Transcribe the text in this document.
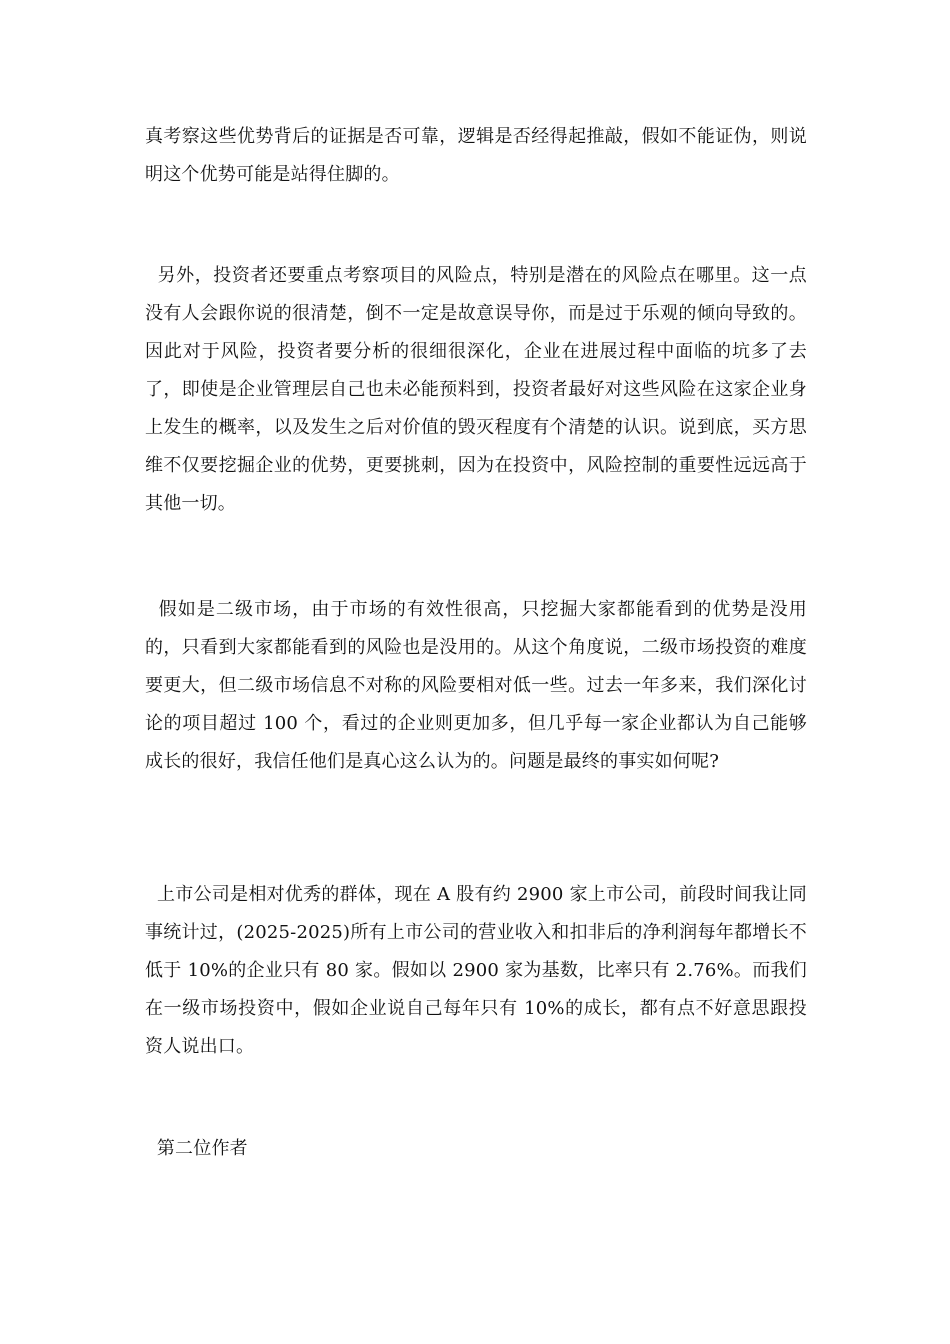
真考察这些优势背后的证据是否可靠，逻辑是否经得起推敲，假如不能证伪，则说明这个优势可能是站得住脚的。

另外，投资者还要重点考察项目的风险点，特别是潜在的风险点在哪里。这一点没有人会跟你说的很清楚，倒不一定是故意误导你，而是过于乐观的倾向导致的。因此对于风险，投资者要分析的很细很深化，企业在进展过程中面临的坑多了去了，即使是企业管理层自己也未必能预料到，投资者最好对这些风险在这家企业身上发生的概率，以及发生之后对价值的毁灭程度有个清楚的认识。说到底，买方思维不仅要挖掘企业的优势，更要挑刺，因为在投资中，风险控制的重要性远远高于其他一切。

假如是二级市场，由于市场的有效性很高，只挖掘大家都能看到的优势是没用的，只看到大家都能看到的风险也是没用的。从这个角度说，二级市场投资的难度要更大，但二级市场信息不对称的风险要相对低一些。过去一年多来，我们深化讨论的项目超过 100 个，看过的企业则更加多，但几乎每一家企业都认为自己能够成长的很好，我信任他们是真心这么认为的。问题是最终的事实如何呢?

上市公司是相对优秀的群体，现在 A 股有约 2900 家上市公司，前段时间我让同事统计过，(2025-2025)所有上市公司的营业收入和扣非后的净利润每年都增长不低于 10%的企业只有 80 家。假如以 2900 家为基数，比率只有 2.76%。而我们在一级市场投资中，假如企业说自己每年只有 10%的成长，都有点不好意思跟投资人说出口。

第二位作者
